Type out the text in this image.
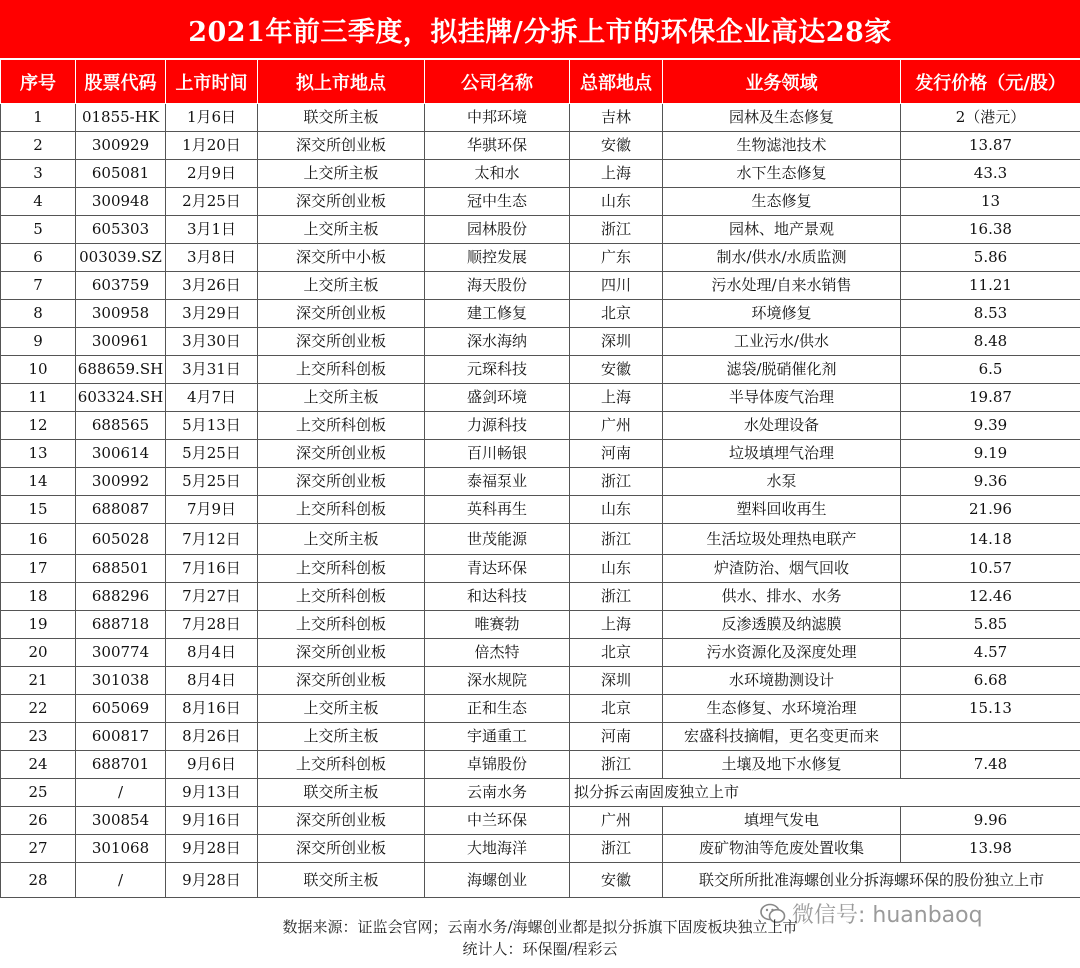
2021年前三季度，拟挂牌/分拆上市的环保企业高达28家
序号	股票代码	上市时间	拟上市地点	公司名称	总部地点	业务领域	发行价格（元/股）
1	01855-HK	1月6日	联交所主板	中邦环境	吉林	园林及生态修复	2（港元）
2	300929	1月20日	深交所创业板	华骐环保	安徽	生物滤池技术	13.87
3	605081	2月9日	上交所主板	太和水	上海	水下生态修复	43.3
4	300948	2月25日	深交所创业板	冠中生态	山东	生态修复	13
5	605303	3月1日	上交所主板	园林股份	浙江	园林、地产景观	16.38
6	003039.SZ	3月8日	深交所中小板	顺控发展	广东	制水/供水/水质监测	5.86
7	603759	3月26日	上交所主板	海天股份	四川	污水处理/自来水销售	11.21
8	300958	3月29日	深交所创业板	建工修复	北京	环境修复	8.53
9	300961	3月30日	深交所创业板	深水海纳	深圳	工业污水/供水	8.48
10	688659.SH	3月31日	上交所科创板	元琛科技	安徽	滤袋/脱硝催化剂	6.5
11	603324.SH	4月7日	上交所主板	盛剑环境	上海	半导体废气治理	19.87
12	688565	5月13日	上交所科创板	力源科技	广州	水处理设备	9.39
13	300614	5月25日	深交所创业板	百川畅银	河南	垃圾填埋气治理	9.19
14	300992	5月25日	深交所创业板	泰福泵业	浙江	水泵	9.36
15	688087	7月9日	上交所科创板	英科再生	山东	塑料回收再生	21.96
16	605028	7月12日	上交所主板	世茂能源	浙江	生活垃圾处理热电联产	14.18
17	688501	7月16日	上交所科创板	青达环保	山东	炉渣防治、烟气回收	10.57
18	688296	7月27日	上交所科创板	和达科技	浙江	供水、排水、水务	12.46
19	688718	7月28日	上交所科创板	唯赛勃	上海	反渗透膜及纳滤膜	5.85
20	300774	8月4日	深交所创业板	倍杰特	北京	污水资源化及深度处理	4.57
21	301038	8月4日	深交所创业板	深水规院	深圳	水环境勘测设计	6.68
22	605069	8月16日	上交所主板	正和生态	北京	生态修复、水环境治理	15.13
23	600817	8月26日	上交所主板	宇通重工	河南	宏盛科技摘帽，更名变更而来	
24	688701	9月6日	上交所科创板	卓锦股份	浙江	土壤及地下水修复	7.48
25	/	9月13日	联交所主板	云南水务	拟分拆云南固废独立上市		
26	300854	9月16日	深交所创业板	中兰环保	广州	填埋气发电	9.96
27	301068	9月28日	深交所创业板	大地海洋	浙江	废矿物油等危废处置收集	13.98
28	/	9月28日	联交所主板	海螺创业	安徽	联交所所批准海螺创业分拆海螺环保的股份独立上市	
微信号: huanbaoq
数据来源：证监会官网；云南水务/海螺创业都是拟分拆旗下固废板块独立上市
统计人：环保圈/程彩云
